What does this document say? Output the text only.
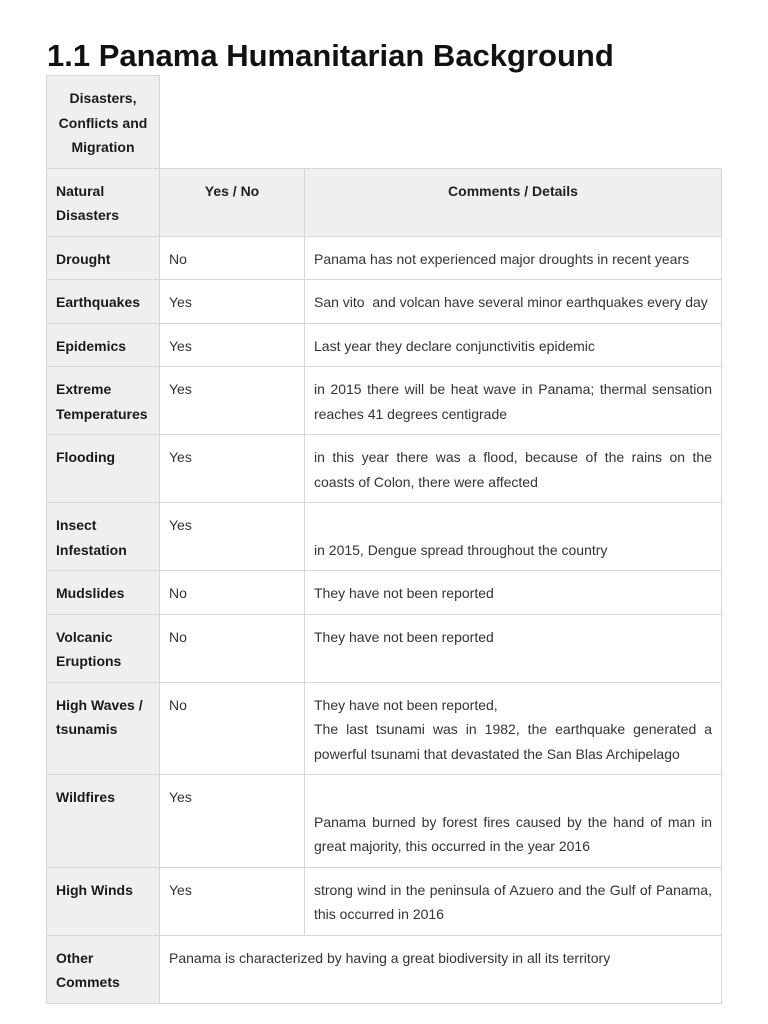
1.1 Panama Humanitarian Background
Disasters, Conflicts and Migration		
Natural Disasters	Yes / No	Comments / Details
Drought	No	Panama has not experienced major droughts in recent years
Earthquakes	Yes	San vito  and volcan have several minor earthquakes every day
Epidemics	Yes	Last year they declare conjunctivitis epidemic
Extreme Temperatures	Yes	in 2015 there will be heat wave in Panama; thermal sensation reaches 41 degrees centigrade
Flooding	Yes	in this year there was a flood, because of the rains on the coasts of Colon, there were affected
Insect Infestation	Yes	in 2015, Dengue spread throughout the country

Mudslides	No	They have not been reported
Volcanic Eruptions	No	They have not been reported
High Waves / tsunamis	No	They have not been reported,
The last tsunami was in 1982, the earthquake generated a powerful tsunami that devastated the San Blas Archipelago

Wildfires	Yes	Panama burned by forest fires caused by the hand of man in great majority, this occurred in the year 2016

High Winds	Yes	strong wind in the peninsula of Azuero and the Gulf of Panama, this occurred in 2016
Other Commets	Panama is characterized by having a great biodiversity in all its territory	
